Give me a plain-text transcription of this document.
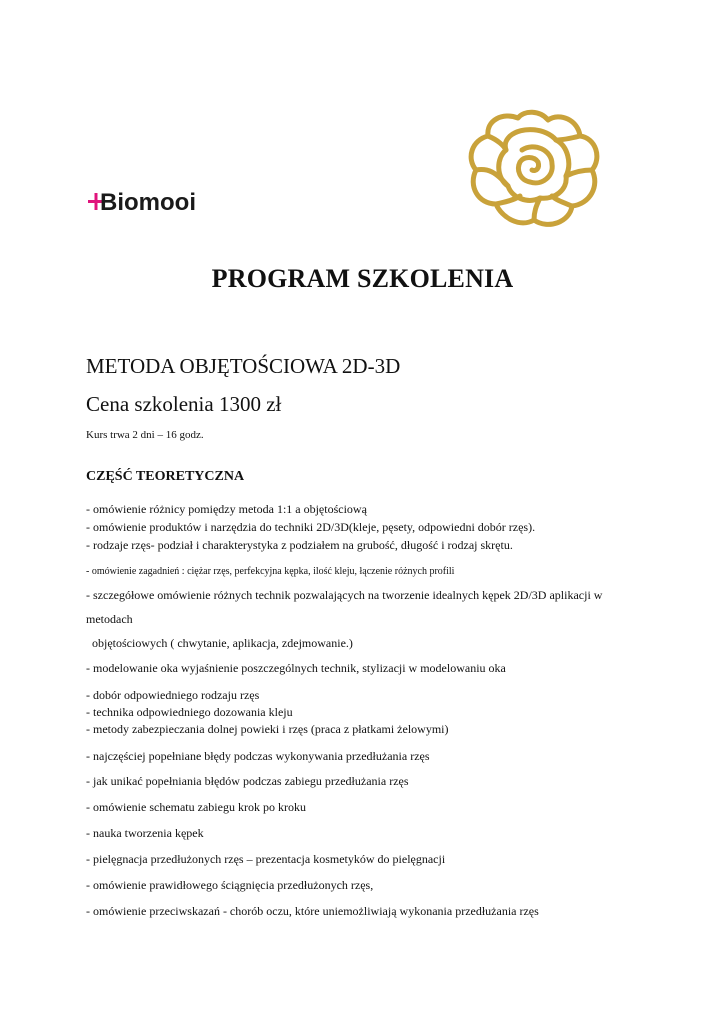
Biomooi
PROGRAM SZKOLENIA
METODA OBJĘTOŚCIOWA 2D-3D
Cena szkolenia 1300 zł
Kurs trwa 2 dni – 16 godz.
CZĘŚĆ TEORETYCZNA
- omówienie różnicy pomiędzy metoda 1:1 a objętościową
- omówienie produktów i narzędzia do techniki 2D/3D(kleje, pęsety, odpowiedni dobór rzęs).
- rodzaje rzęs- podział i charakterystyka z podziałem na grubość, długość i rodzaj skrętu.
- omówienie zagadnień : ciężar rzęs, perfekcyjna kępka, ilość kleju, łączenie różnych profili
- szczegółowe omówienie różnych technik pozwalających na tworzenie idealnych kępek 2D/3D aplikacji w
metodach
objętościowych ( chwytanie, aplikacja, zdejmowanie.)
- modelowanie oka wyjaśnienie poszczególnych technik, stylizacji w modelowaniu oka
- dobór odpowiedniego rodzaju rzęs
- technika odpowiedniego dozowania kleju
- metody zabezpieczania dolnej powieki i rzęs (praca z płatkami żelowymi)
- najczęściej popełniane błędy podczas wykonywania przedłużania rzęs
- jak unikać popełniania błędów podczas zabiegu przedłużania rzęs
- omówienie schematu zabiegu krok po kroku
- nauka tworzenia kępek
- pielęgnacja przedłużonych rzęs – prezentacja kosmetyków do pielęgnacji
- omówienie prawidłowego ściągnięcia przedłużonych rzęs,
- omówienie przeciwskazań - chorób oczu, które uniemożliwiają wykonania przedłużania rzęs
